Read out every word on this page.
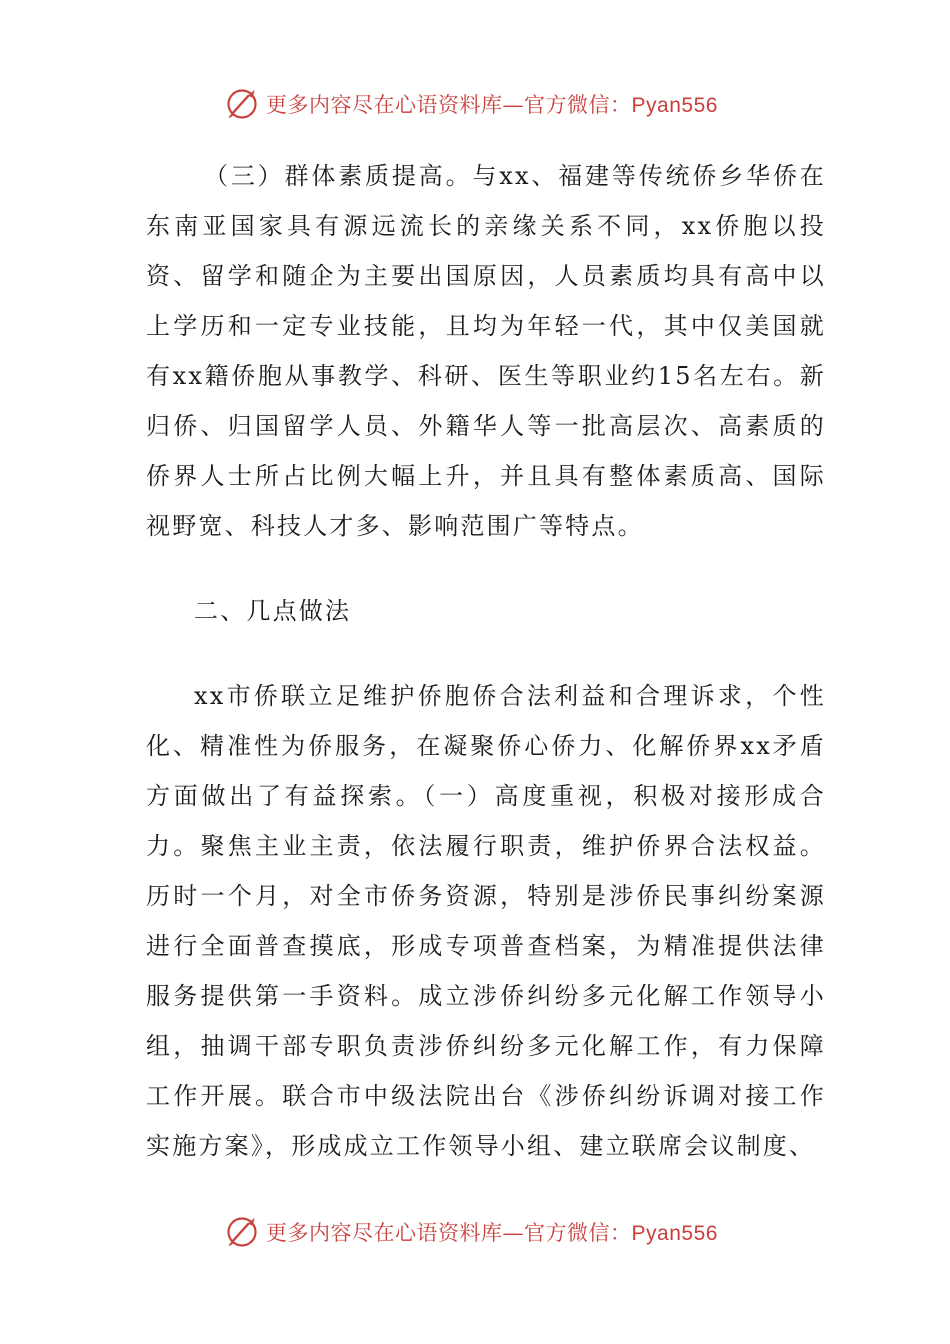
更多内容尽在心语资料库—官方微信：Pyan556

（三）群体素质提高。与xx、福建等传统侨乡华侨在东南亚国家具有源远流长的亲缘关系不同，xx侨胞以投资、留学和随企为主要出国原因，人员素质均具有高中以上学历和一定专业技能，且均为年轻一代，其中仅美国就有xx籍侨胞从事教学、科研、医生等职业约15名左右。新归侨、归国留学人员、外籍华人等一批高层次、高素质的侨界人士所占比例大幅上升，并且具有整体素质高、国际视野宽、科技人才多、影响范围广等特点。

二、几点做法

xx市侨联立足维护侨胞侨合法利益和合理诉求，个性化、精准性为侨服务，在凝聚侨心侨力、化解侨界xx矛盾方面做出了有益探索。（一）高度重视，积极对接形成合力。聚焦主业主责，依法履行职责，维护侨界合法权益。历时一个月，对全市侨务资源，特别是涉侨民事纠纷案源进行全面普查摸底，形成专项普查档案，为精准提供法律服务提供第一手资料。成立涉侨纠纷多元化解工作领导小组，抽调干部专职负责涉侨纠纷多元化解工作，有力保障工作开展。联合市中级法院出台《涉侨纠纷诉调对接工作实施方案》，形成成立工作领导小组、建立联席会议制度、

更多内容尽在心语资料库—官方微信：Pyan556
